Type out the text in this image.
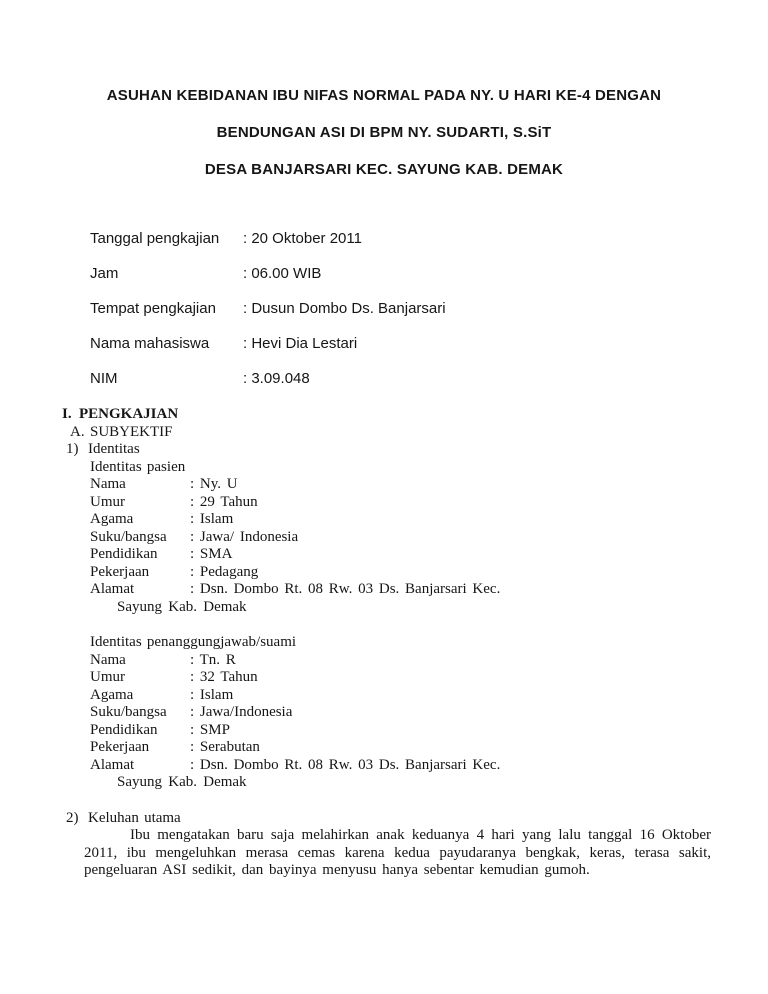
ASUHAN KEBIDANAN IBU NIFAS NORMAL PADA NY. U HARI KE-4 DENGAN
BENDUNGAN ASI DI BPM NY. SUDARTI, S.SiT
DESA BANJARSARI KEC. SAYUNG KAB. DEMAK
Tanggal pengkajian	: 20 Oktober 2011
Jam	: 06.00 WIB
Tempat pengkajian	: Dusun Dombo Ds. Banjarsari
Nama mahasiswa	: Hevi Dia Lestari
NIM	: 3.09.048
I. PENGKAJIAN
A. SUBYEKTIF
1) Identitas
Identitas pasien
Nama	: Ny. U
Umur	: 29 Tahun
Agama	: Islam
Suku/bangsa	: Jawa/ Indonesia
Pendidikan	: SMA
Pekerjaan	: Pedagang
Alamat	: Dsn. Dombo Rt. 08 Rw. 03 Ds. Banjarsari Kec.
Sayung Kab. Demak
Identitas penanggungjawab/suami
Nama	: Tn. R
Umur	: 32 Tahun
Agama	: Islam
Suku/bangsa	: Jawa/Indonesia
Pendidikan	: SMP
Pekerjaan	: Serabutan
Alamat	: Dsn. Dombo Rt. 08 Rw. 03 Ds. Banjarsari Kec.
Sayung Kab. Demak
2) Keluhan utama

Ibu mengatakan baru saja melahirkan anak keduanya 4 hari yang lalu tanggal 16 Oktober 2011, ibu mengeluhkan merasa cemas karena kedua payudaranya bengkak, keras, terasa sakit, pengeluaran ASI sedikit, dan bayinya menyusu hanya sebentar kemudian gumoh.
